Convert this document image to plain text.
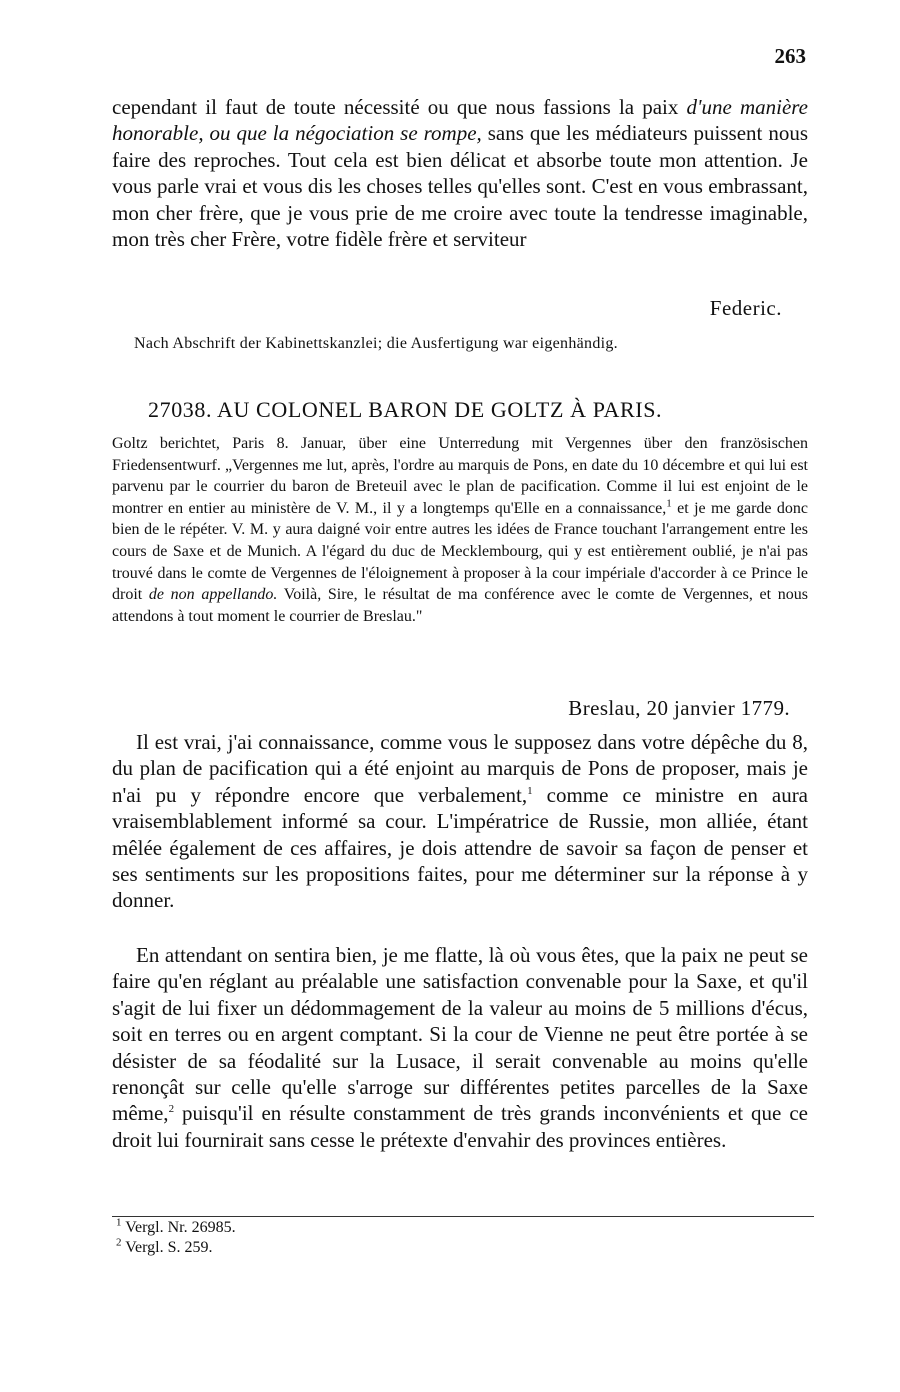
263

cependant il faut de toute nécessité ou que nous fassions la paix d'une manière honorable, ou que la négociation se rompe, sans que les médiateurs puissent nous faire des reproches. Tout cela est bien délicat et absorbe toute mon attention. Je vous parle vrai et vous dis les choses telles qu'elles sont. C'est en vous embrassant, mon cher frère, que je vous prie de me croire avec toute la tendresse imaginable, mon très cher Frère, votre fidèle frère et serviteur

Federic.
Nach Abschrift der Kabinettskanzlei; die Ausfertigung war eigenhändig.
27038. AU COLONEL BARON DE GOLTZ À PARIS.

Goltz berichtet, Paris 8. Januar, über eine Unterredung mit Vergennes über den französischen Friedensentwurf. „Vergennes me lut, après, l'ordre au marquis de Pons, en date du 10 décembre et qui lui est parvenu par le courrier du baron de Breteuil avec le plan de pacification. Comme il lui est enjoint de le montrer en entier au ministère de V. M., il y a longtemps qu'Elle en a connaissance,$^1$ et je me garde donc bien de le répéter. V. M. y aura daigné voir entre autres les idées de France touchant l'arrangement entre les cours de Saxe et de Munich. A l'égard du duc de Mecklembourg, qui y est entièrement oublié, je n'ai pas trouvé dans le comte de Vergennes de l'éloignement à proposer à la cour impériale d'accorder à ce Prince le droit de non appellando. Voilà, Sire, le résultat de ma conférence avec le comte de Vergennes, et nous attendons à tout moment le courrier de Breslau."

Breslau, 20 janvier 1779.

Il est vrai, j'ai connaissance, comme vous le supposez dans votre dépêche du 8, du plan de pacification qui a été enjoint au marquis de Pons de proposer, mais je n'ai pu y répondre encore que verbalement,$^1$ comme ce ministre en aura vraisemblablement informé sa cour. L'impératrice de Russie, mon alliée, étant mêlée également de ces affaires, je dois attendre de savoir sa façon de penser et ses sentiments sur les propositions faites, pour me déterminer sur la réponse à y donner.

En attendant on sentira bien, je me flatte, là où vous êtes, que la paix ne peut se faire qu'en réglant au préalable une satisfaction convenable pour la Saxe, et qu'il s'agit de lui fixer un dédommagement de la valeur au moins de 5 millions d'écus, soit en terres ou en argent comptant. Si la cour de Vienne ne peut être portée à se désister de sa féodalité sur la Lusace, il serait convenable au moins qu'elle renonçât sur celle qu'elle s'arroge sur différentes petites parcelles de la Saxe même,$^2$ puisqu'il en résulte constamment de très grands inconvénients et que ce droit lui fournirait sans cesse le prétexte d'envahir des provinces entières.

$^1$ Vergl. Nr. 26985.

$^2$ Vergl. S. 259.
